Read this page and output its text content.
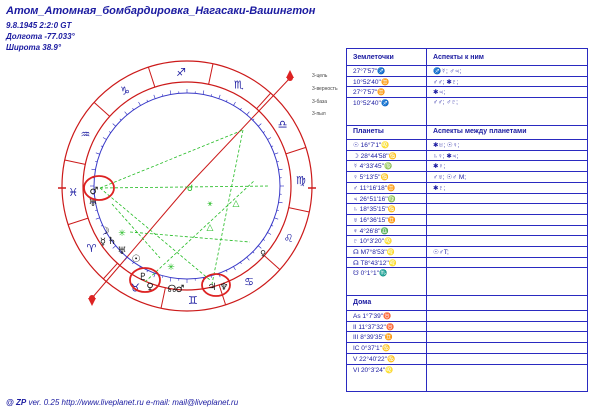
Атом_Атомная_бомбардировка_Нагасаки-Вашингтон
9.8.1945 2:2:0 GT
Долгота -77.033°
Широта 38.9°
♐
♑
♒
♓
♈
♉
♊
♋
♌
♍
♎
♏
☌
⚹ △
✳
✳
△
♂
♅
☽
♄
☿
♅
☉
♇
♀ ☊ ♂ ♃ ♆
♀
3-цель
3-верность
3-база
3-пыл
Землеточки	Аспекты к ним
27°7'57''♐	♐☿; ♂♃;
10°52'40''♊	♂♂; ✱♇;
27°7'57''♊	✱♃;
10°52'40''♐	♂♂; ♂♇;
Планеты	Аспекты между планетами
☉ 16°7'1''♌	✱♅; ☉♀;
☽ 28°44'58''♋	♄♀; ✱♃;
☿ 4°33'45''♍	✱♀;
♀ 5°13'5''♋	♂♅; ☉♂ M;
♂ 11°16'18''♊	✱♇;
♃ 26°51'16''♍
♄ 18°35'15''♋
♅ 16°36'15''♊
♆ 4°26'8''♎
♇ 10°3'20''♌
☊ M7°8'53''♌	☉♂T;
☊ T8°43'12''♌
☋ 0°1°1''♏
Дома
As 1°7'39''♉
II 11°37'32''♉
III 8°39'35''♊
IC 0°37'1''♋
V 22°40'22''♋
VI 20°3'24''♌
@ ZP ver. 0.25 http://www.liveplanet.ru e-mail: mail@liveplanet.ru
